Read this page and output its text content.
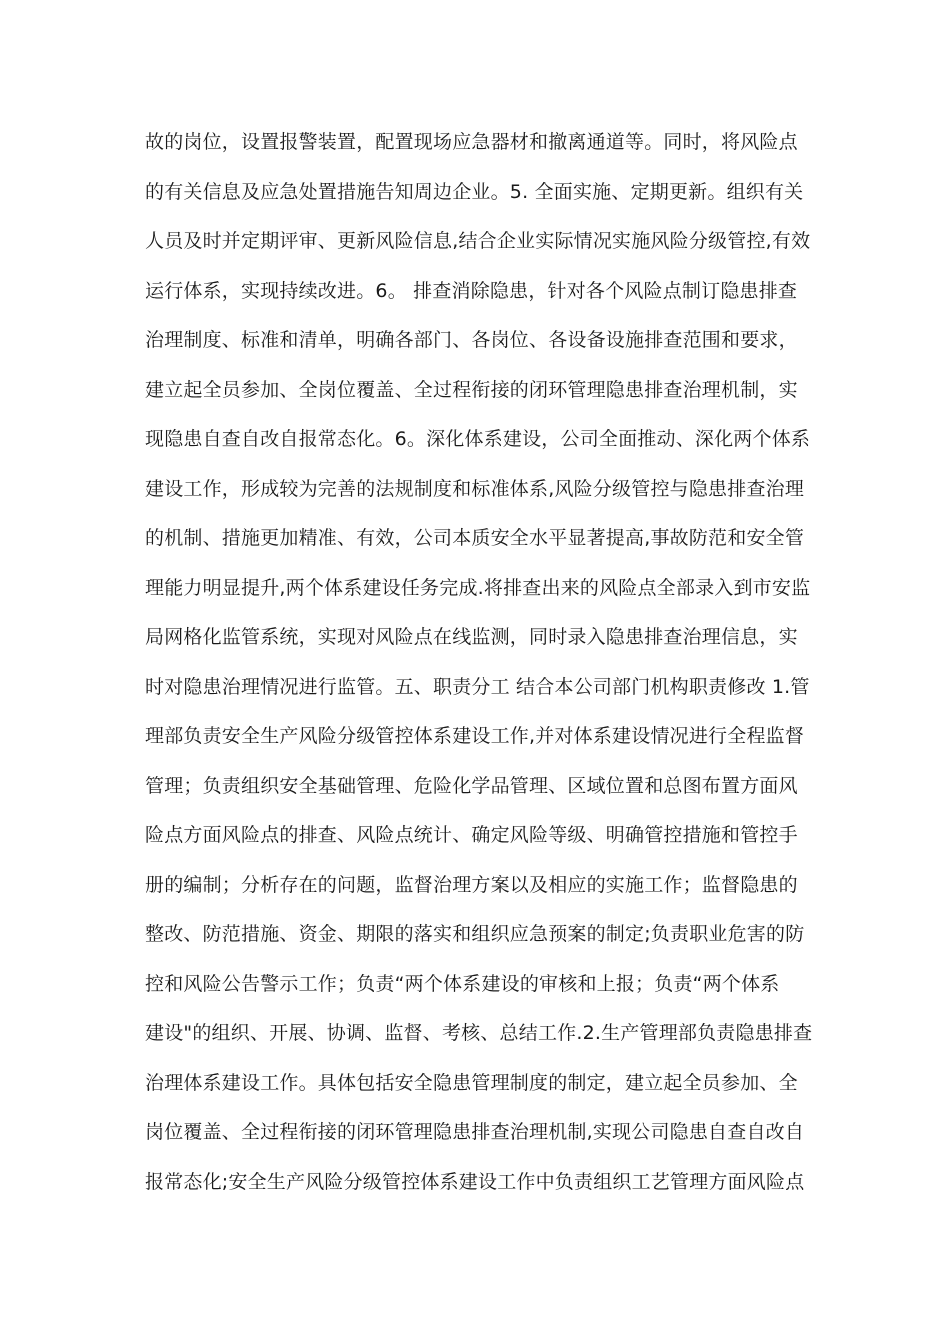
故的岗位，设置报警装置，配置现场应急器材和撤离通道等。同时，将风险点
的有关信息及应急处置措施告知周边企业。5. 全面实施、定期更新。组织有关
人员及时并定期评审、更新风险信息,结合企业实际情况实施风险分级管控,有效
运行体系，实现持续改进。6。 排查消除隐患，针对各个风险点制订隐患排查
治理制度、标准和清单，明确各部门、各岗位、各设备设施排查范围和要求，
建立起全员参加、全岗位覆盖、全过程衔接的闭环管理隐患排查治理机制，实
现隐患自查自改自报常态化。6。深化体系建设，公司全面推动、深化两个体系
建设工作，形成较为完善的法规制度和标准体系,风险分级管控与隐患排查治理
的机制、措施更加精准、有效，公司本质安全水平显著提高,事故防范和安全管
理能力明显提升,两个体系建设任务完成.将排查出来的风险点全部录入到市安监
局网格化监管系统，实现对风险点在线监测，同时录入隐患排查治理信息，实
时对隐患治理情况进行监管。五、职责分工 结合本公司部门机构职责修改 1.管
理部负责安全生产风险分级管控体系建设工作,并对体系建设情况进行全程监督
管理；负责组织安全基础管理、危险化学品管理、区域位置和总图布置方面风
险点方面风险点的排查、风险点统计、确定风险等级、明确管控措施和管控手
册的编制；分析存在的问题，监督治理方案以及相应的实施工作；监督隐患的
整改、防范措施、资金、期限的落实和组织应急预案的制定;负责职业危害的防
控和风险公告警示工作；负责“两个体系建设的审核和上报；负责“两个体系
建设"的组织、开展、协调、监督、考核、总结工作.2.生产管理部负责隐患排查
治理体系建设工作。具体包括安全隐患管理制度的制定，建立起全员参加、全
岗位覆盖、全过程衔接的闭环管理隐患排查治理机制,实现公司隐患自查自改自
报常态化;安全生产风险分级管控体系建设工作中负责组织工艺管理方面风险点
